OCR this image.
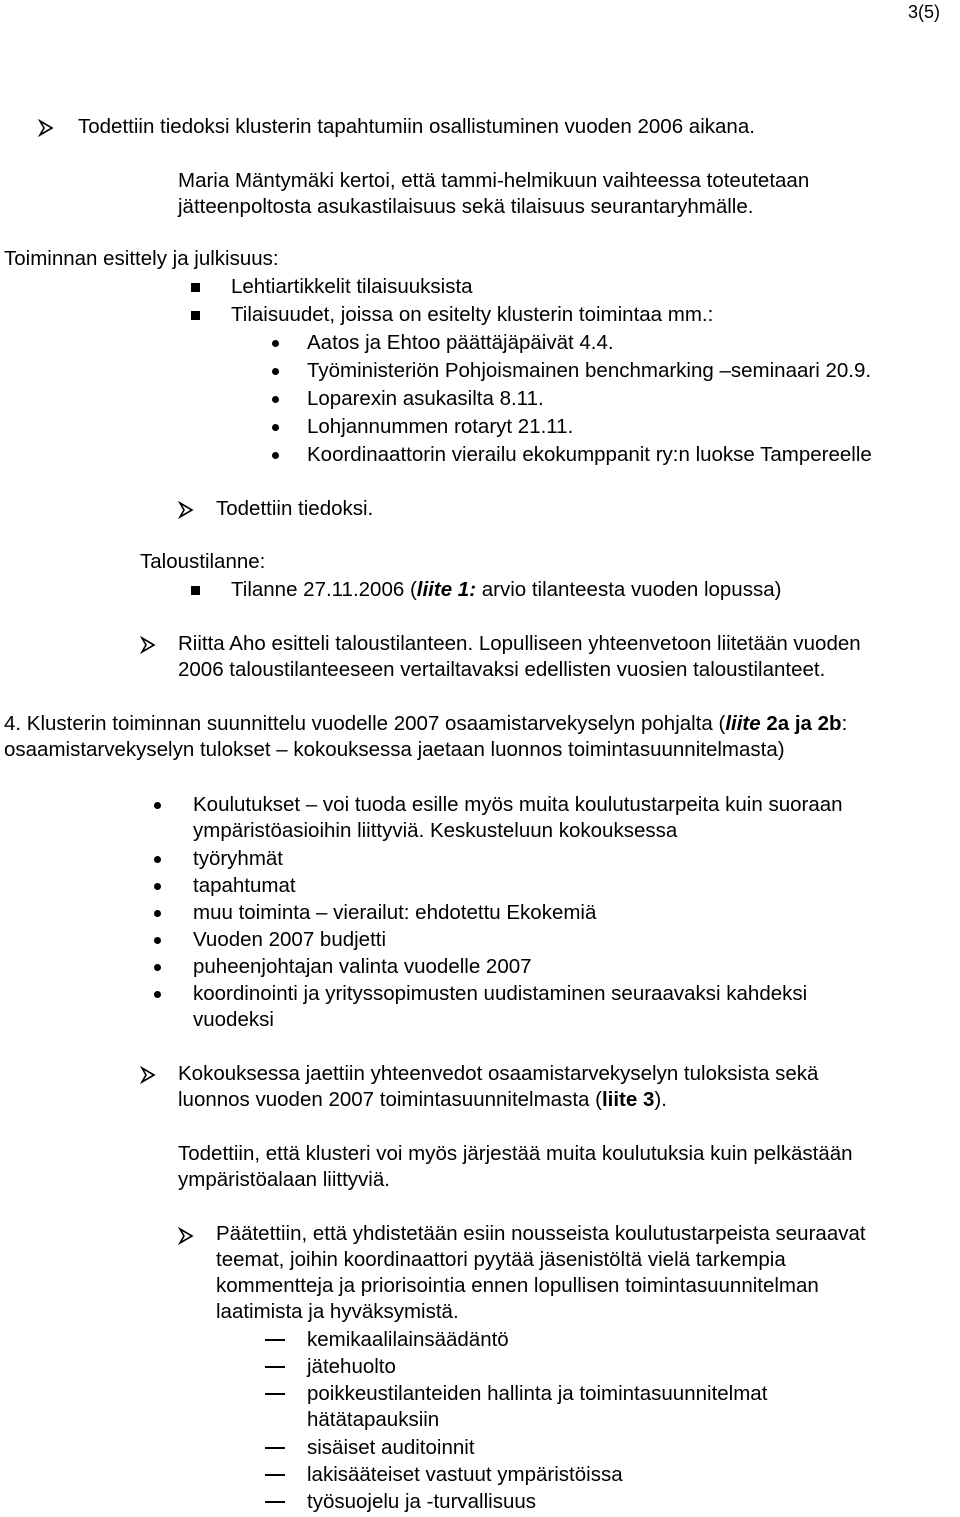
3(5)
Todettiin tiedoksi klusterin tapahtumiin osallistuminen vuoden 2006 aikana.
Maria Mäntymäki kertoi, että tammi-helmikuun vaihteessa toteutetaan
jätteenpoltosta asukastilaisuus sekä tilaisuus seurantaryhmälle.
Toiminnan esittely ja julkisuus:
Lehtiartikkelit tilaisuuksista
Tilaisuudet, joissa on esitelty klusterin toimintaa mm.:
Aatos ja Ehtoo päättäjäpäivät 4.4.
Työministeriön Pohjoismainen benchmarking –seminaari 20.9.
Loparexin asukasilta 8.11.
Lohjannummen rotaryt 21.11.
Koordinaattorin vierailu ekokumppanit ry:n luokse Tampereelle
Todettiin tiedoksi.
Taloustilanne:
Tilanne 27.11.2006 (liite 1: arvio tilanteesta vuoden lopussa)
Riitta Aho esitteli taloustilanteen. Lopulliseen yhteenvetoon liitetään vuoden
2006 taloustilanteeseen vertailtavaksi edellisten vuosien taloustilanteet.
4. Klusterin toiminnan suunnittelu vuodelle 2007 osaamistarvekyselyn pohjalta (liite 2a ja 2b:
osaamistarvekyselyn tulokset – kokouksessa jaetaan luonnos toimintasuunnitelmasta)
Koulutukset – voi tuoda esille myös muita koulutustarpeita kuin suoraan
ympäristöasioihin liittyviä. Keskusteluun kokouksessa
työryhmät
tapahtumat
muu toiminta – vierailut: ehdotettu Ekokemiä
Vuoden 2007 budjetti
puheenjohtajan valinta vuodelle 2007
koordinointi ja yrityssopimusten uudistaminen seuraavaksi kahdeksi
vuodeksi
Kokouksessa jaettiin yhteenvedot osaamistarvekyselyn tuloksista sekä
luonnos vuoden 2007 toimintasuunnitelmasta (liite 3).
Todettiin, että klusteri voi myös järjestää muita koulutuksia kuin pelkästään
ympäristöalaan liittyviä.
Päätettiin, että yhdistetään esiin nousseista koulutustarpeista seuraavat
teemat, joihin koordinaattori pyytää jäsenistöltä vielä tarkempia
kommentteja ja priorisointia ennen lopullisen toimintasuunnitelman
laatimista ja hyväksymistä.
kemikaalilainsäädäntö
jätehuolto
poikkeustilanteiden hallinta ja toimintasuunnitelmat
hätätapauksiin
sisäiset auditoinnit
lakisääteiset vastuut ympäristöissa
työsuojelu ja -turvallisuus
